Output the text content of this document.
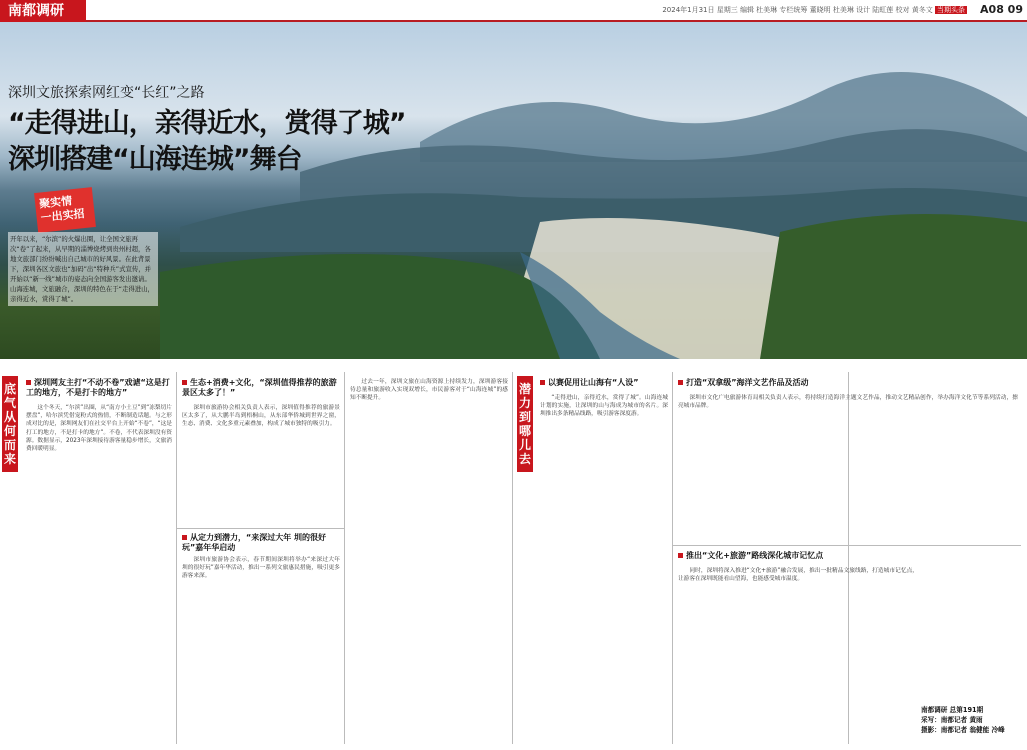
南都调研	2024年1月31日 星期三 编辑 杜美琳 专栏统筹 董晓明 杜美琳 设计 陆虹莲 校对 黄冬文 当期头条 A08 09
深圳文旅探索网红变“长红”之路
“走得进山，亲得近水，赏得了城”
深圳搭建“山海连城”舞台
聚实情
一出实招
开年以来，“尔滨”的火爆出圈，让全国文旅再次“卷”了起来，从早期的淄博烧烤到贵州村超，各地文旅部门纷纷喊出自己城市的好风景。在此背景下，深圳各区文旅也“加码”出“特种兵”式宣传，并开始以“新一线”城市的姿态向全国游客发出邀请。山海连城，文旅融合，深圳的特色在于“走得进山，亲得近水，赏得了城”。
底气从何而来
潜力到哪儿去
深圳网友主打“不动不卷”戏谑“这是打工的地方，不是打卡的地方”

这个冬天，“尔滨”出圈，从“南方小土豆”到“冻梨切片摆盘”，哈尔滨凭借宠粉式的热情，不断制造话题。与之形成对比的是，深圳网友们在社交平台上开始“不卷”，“这是打工的地方，不是打卡的地方”。不卷，不代表深圳没有资源。数据显示，2023年深圳接待游客量稳步增长，文旅消费回暖明显。

生态+消费+文化，“深圳值得推荐的旅游景区太多了！”

深圳市旅游协会相关负责人表示，深圳值得推荐的旅游景区太多了，从大鹏半岛到梧桐山，从东部华侨城到世界之窗，生态、消费、文化多重元素叠加，构成了城市独特的吸引力。

从定力到潜力，“来深过大年 圳的很好玩”嘉年华启动

深圳市旅游协会表示，春节期间深圳将举办“来深过大年 圳的很好玩”嘉年华活动，推出一系列文旅惠民措施，吸引更多游客来深。

过去一年，深圳文旅在山海资源上持续发力，深圳游客接待总量和旅游收入实现双增长，市民游客对于“山海连城”的感知不断提升。

以赛促用让山海有“人设”

“走得进山，亲得近水，赏得了城”。山海连城计划的实施，让深圳的山与海成为城市的名片。深圳推出多条精品线路，吸引游客深度游。

打造“双拿级”海洋文艺作品及活动

深圳市文化广电旅游体育局相关负责人表示，将持续打造海洋主题文艺作品，推动文艺精品创作，举办海洋文化节等系列活动，擦亮城市品牌。

推出“文化+旅游”路线深化城市记忆点

同时，深圳将深入推进“文化+旅游”融合发展，推出一批精品文旅线路，打造城市记忆点，让游客在深圳既能看山望海，也能感受城市温度。

南都调研 总第191期
采写：南都记者 黄雨
摄影：南都记者 翁健能 冷峰
